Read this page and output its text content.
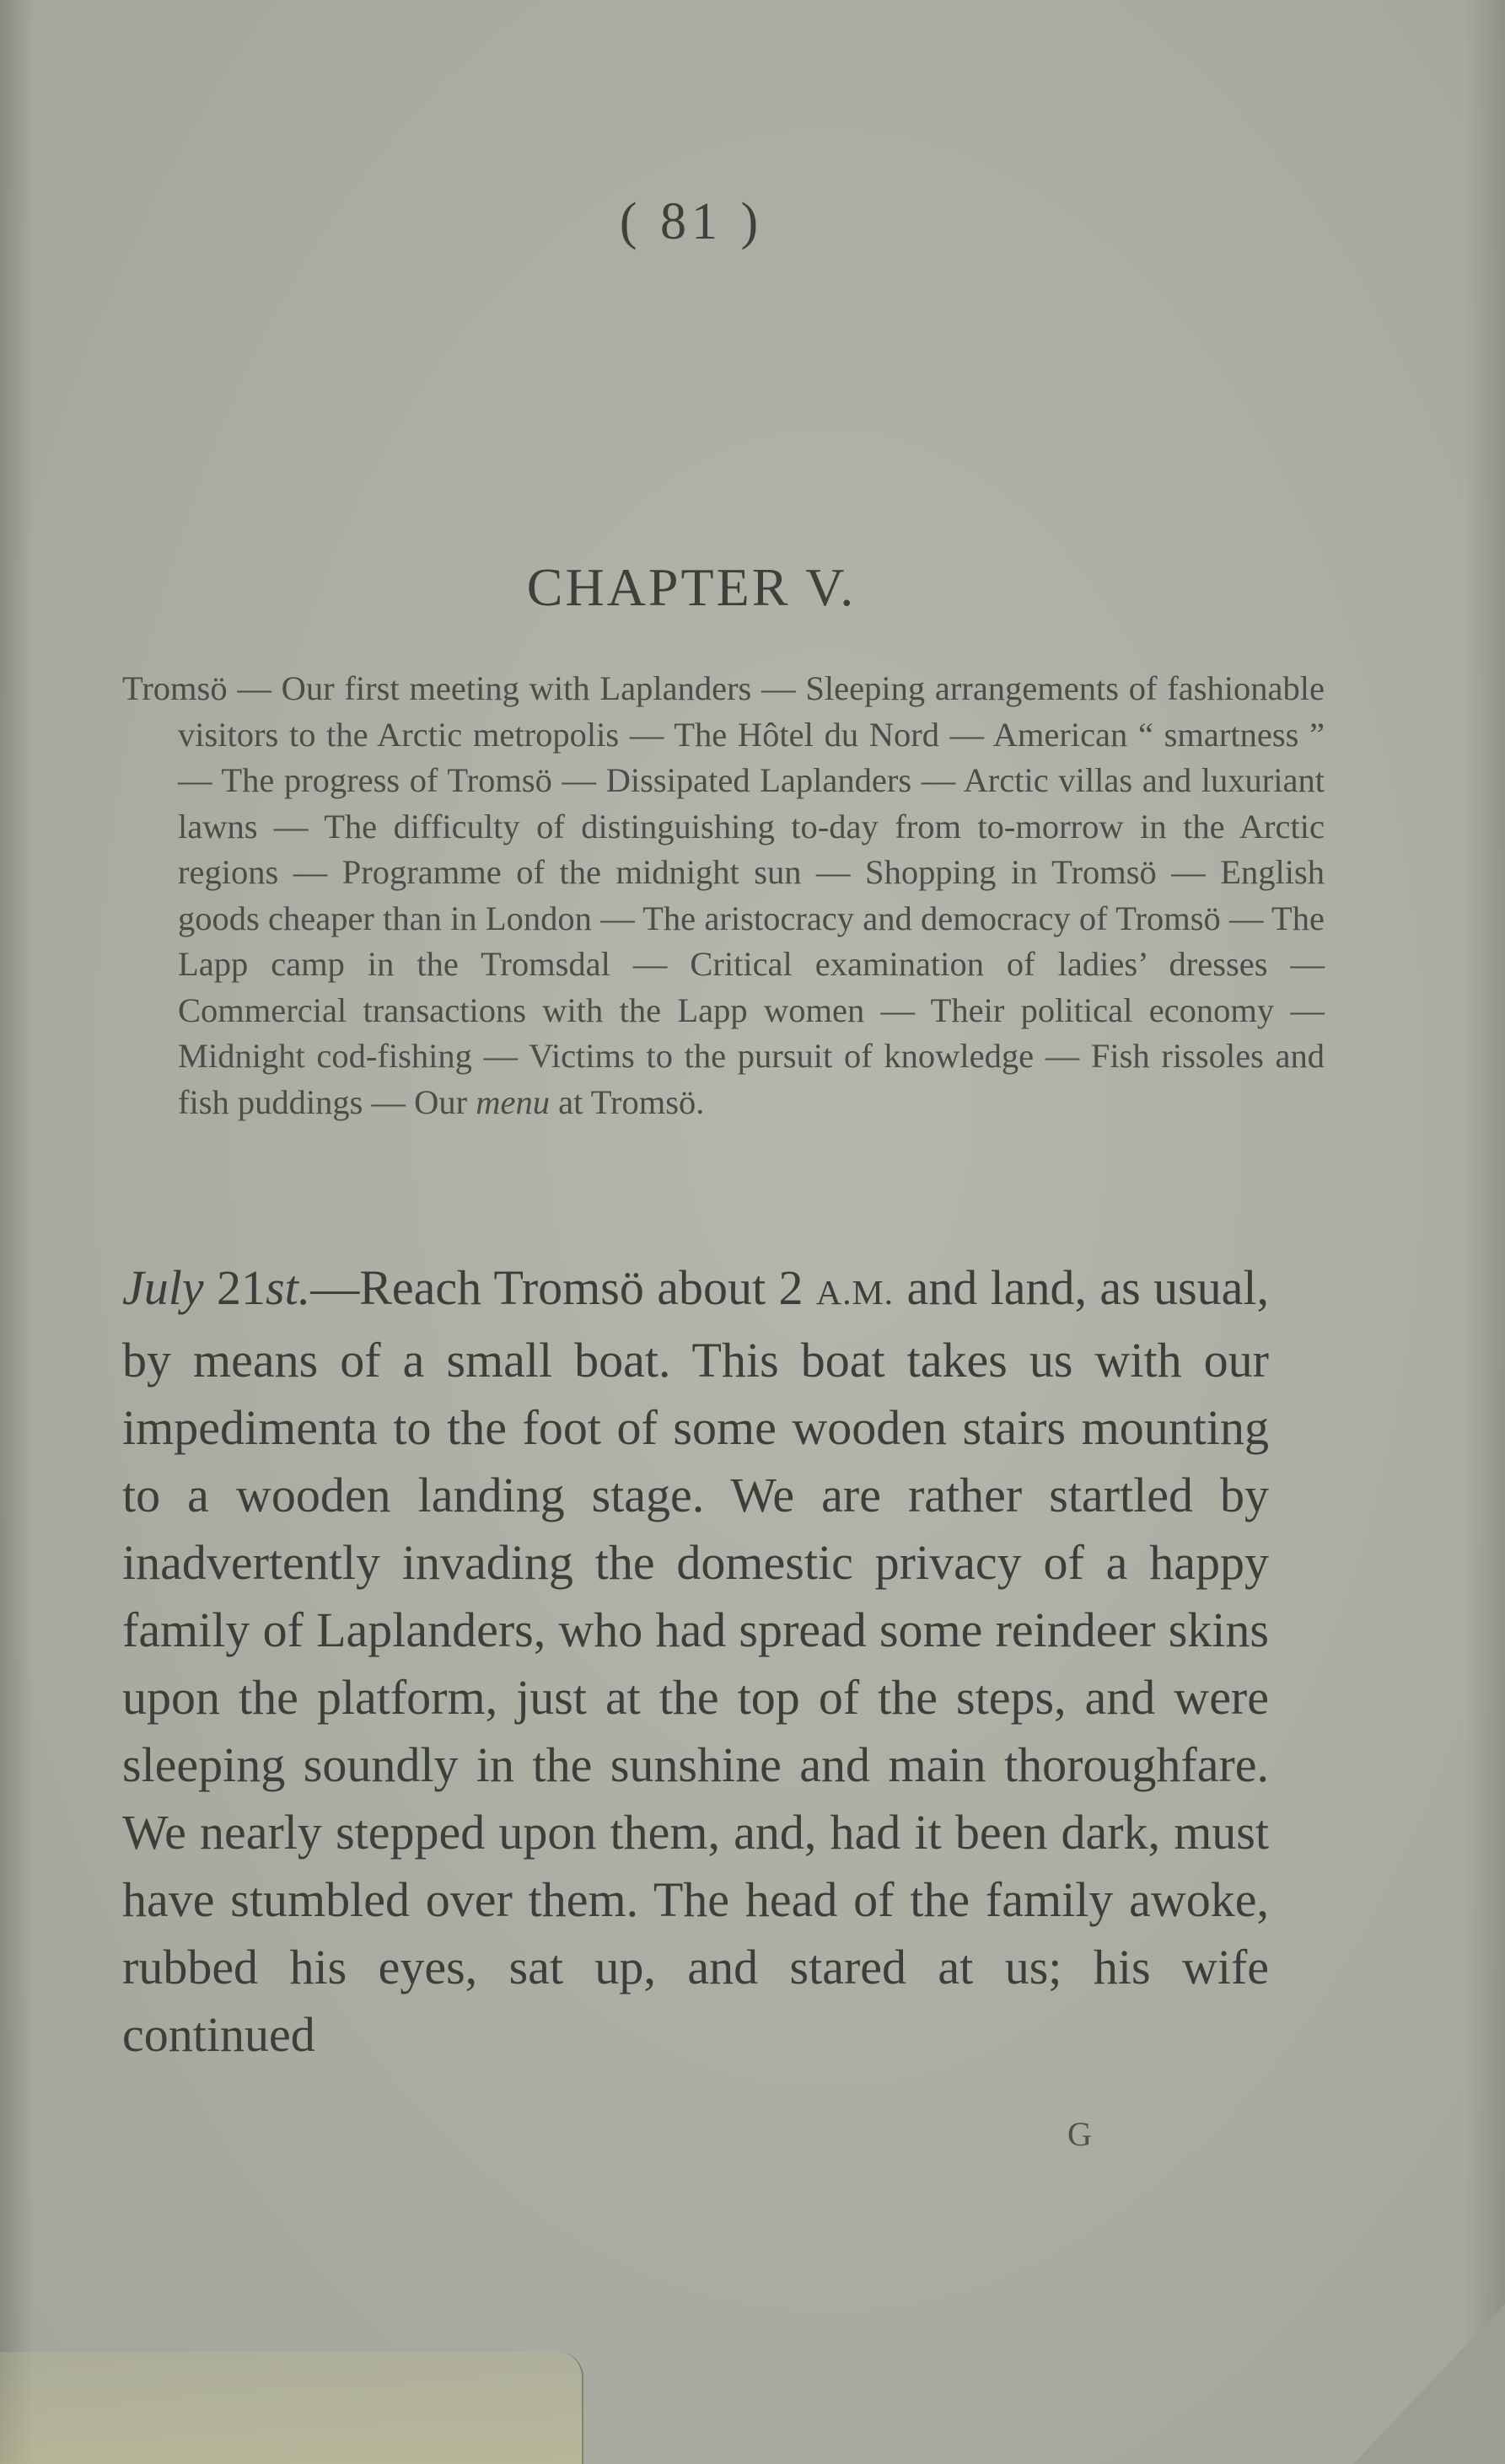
( 81 )
CHAPTER V.

Tromsö — Our first meeting with Laplanders — Sleeping arrangements of fashionable visitors to the Arctic metropolis — The Hôtel du Nord — American “ smartness ” — The progress of Tromsö — Dissipated Laplanders — Arctic villas and luxuriant lawns — The difficulty of distinguishing to-day from to-morrow in the Arctic regions — Programme of the midnight sun — Shopping in Tromsö — English goods cheaper than in London — The aristocracy and democracy of Tromsö — The Lapp camp in the Tromsdal — Critical examination of ladies’ dresses — Commercial transactions with the Lapp women — Their political economy — Midnight cod-fishing — Victims to the pursuit of knowledge — Fish rissoles and fish puddings — Our menu at Tromsö.

July 21st.—Reach Tromsö about 2 A.M. and land, as usual, by means of a small boat. This boat takes us with our impedimenta to the foot of some wooden stairs mounting to a wooden landing stage. We are rather startled by inadvertently invading the domestic privacy of a happy family of Laplanders, who had spread some reindeer skins upon the platform, just at the top of the steps, and were sleeping soundly in the sunshine and main thoroughfare. We nearly stepped upon them, and, had it been dark, must have stumbled over them. The head of the family awoke, rubbed his eyes, sat up, and stared at us; his wife continued

G
